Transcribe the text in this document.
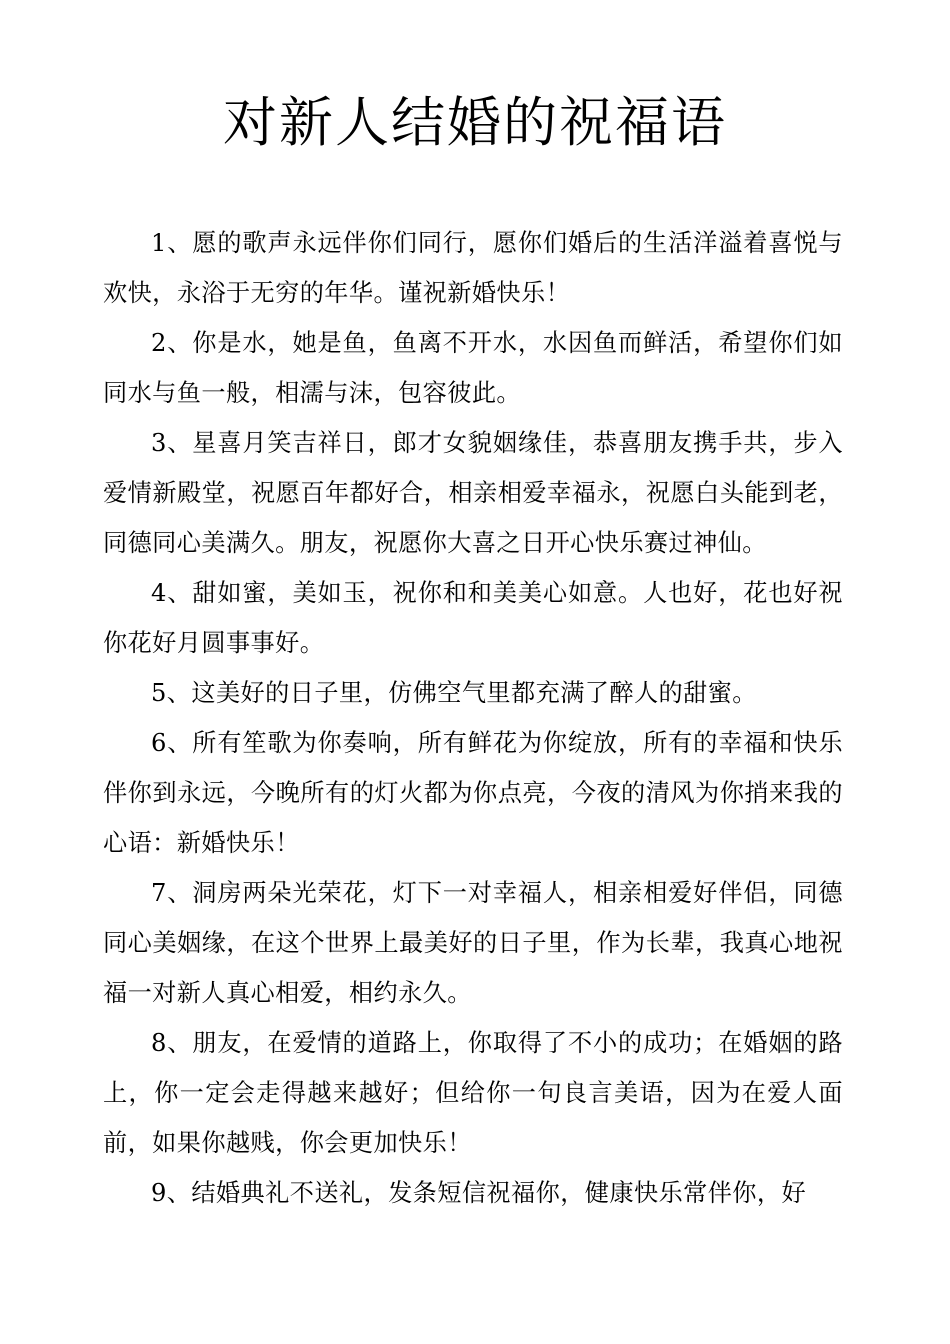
对新人结婚的祝福语

1、愿的歌声永远伴你们同行，愿你们婚后的生活洋溢着喜悦与欢快，永浴于无穷的年华。谨祝新婚快乐！

2、你是水，她是鱼，鱼离不开水，水因鱼而鲜活，希望你们如同水与鱼一般，相濡与沫，包容彼此。

3、星喜月笑吉祥日，郎才女貌姻缘佳，恭喜朋友携手共，步入爱情新殿堂，祝愿百年都好合，相亲相爱幸福永，祝愿白头能到老，同德同心美满久。朋友，祝愿你大喜之日开心快乐赛过神仙。

4、甜如蜜，美如玉，祝你和和美美心如意。人也好，花也好祝你花好月圆事事好。

5、这美好的日子里，仿佛空气里都充满了醉人的甜蜜。

6、所有笙歌为你奏响，所有鲜花为你绽放，所有的幸福和快乐伴你到永远，今晚所有的灯火都为你点亮，今夜的清风为你捎来我的心语：新婚快乐！

7、洞房两朵光荣花，灯下一对幸福人，相亲相爱好伴侣，同德同心美姻缘，在这个世界上最美好的日子里，作为长辈，我真心地祝福一对新人真心相爱，相约永久。

8、朋友，在爱情的道路上，你取得了不小的成功；在婚姻的路上，你一定会走得越来越好；但给你一句良言美语，因为在爱人面前，如果你越贱，你会更加快乐！

9、结婚典礼不送礼，发条短信祝福你，健康快乐常伴你，好
